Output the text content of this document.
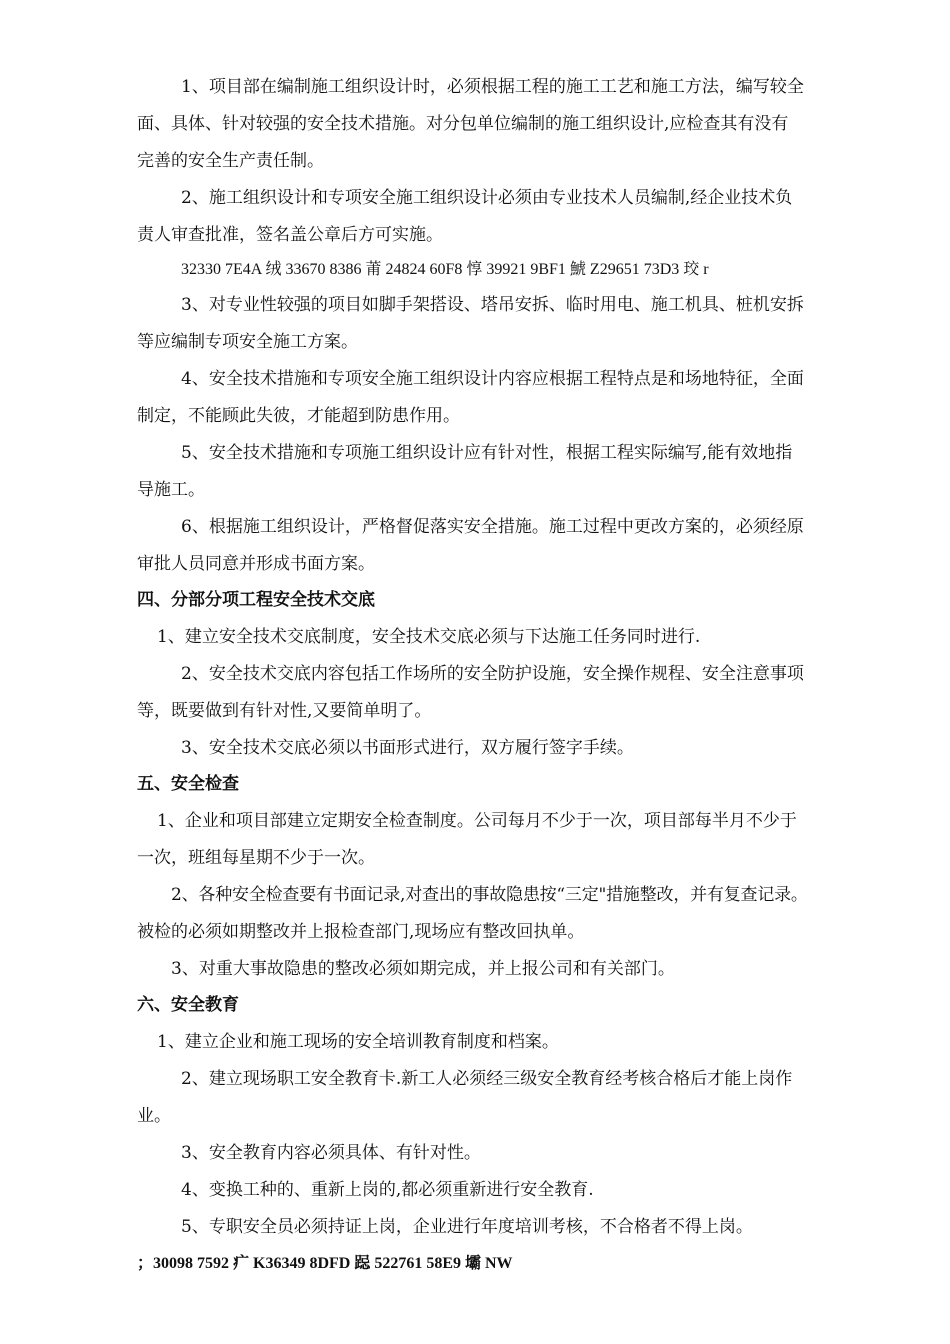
1、项目部在编制施工组织设计时，必须根据工程的施工工艺和施工方法，编写较全
面、具体、针对较强的安全技术措施。对分包单位编制的施工组织设计,应检查其有没有
完善的安全生产责任制。
2、施工组织设计和专项安全施工组织设计必须由专业技术人员编制,经企业技术负
责人审查批准，签名盖公章后方可实施。
32330 7E4A 绒 33670 8386 莆 24824 60F8 惇 39921 9BF1 鯱 Z29651 73D3 珓 r
3、对专业性较强的项目如脚手架搭设、塔吊安拆、临时用电、施工机具、桩机安拆
等应编制专项安全施工方案。
4、安全技术措施和专项安全施工组织设计内容应根据工程特点是和场地特征，全面
制定，不能顾此失彼，才能超到防患作用。
5、安全技术措施和专项施工组织设计应有针对性，根据工程实际编写,能有效地指
导施工。
6、根据施工组织设计，严格督促落实安全措施。施工过程中更改方案的，必须经原
审批人员同意并形成书面方案。
四、分部分项工程安全技术交底
1、建立安全技术交底制度，安全技术交底必须与下达施工任务同时进行.
2、安全技术交底内容包括工作场所的安全防护设施，安全操作规程、安全注意事项
等，既要做到有针对性,又要简单明了。
3、安全技术交底必须以书面形式进行，双方履行签字手续。
五、安全检查
1、企业和项目部建立定期安全检查制度。公司每月不少于一次，项目部每半月不少于
一次，班组每星期不少于一次。
2、各种安全检查要有书面记录,对查出的事故隐患按“三定"措施整改，并有复查记录。
被检的必须如期整改并上报检查部门,现场应有整改回执单。
3、对重大事故隐患的整改必须如期完成，并上报公司和有关部门。
六、安全教育
1、建立企业和施工现场的安全培训教育制度和档案。
2、建立现场职工安全教育卡.新工人必须经三级安全教育经考核合格后才能上岗作
业。
3、安全教育内容必须具体、有针对性。
4、变换工种的、重新上岗的,都必须重新进行安全教育.
5、专职安全员必须持证上岗，企业进行年度培训考核，不合格者不得上岗。
；30098 7592 疒 K36349 8DFD 跽 522761 58E9 壩 NW
